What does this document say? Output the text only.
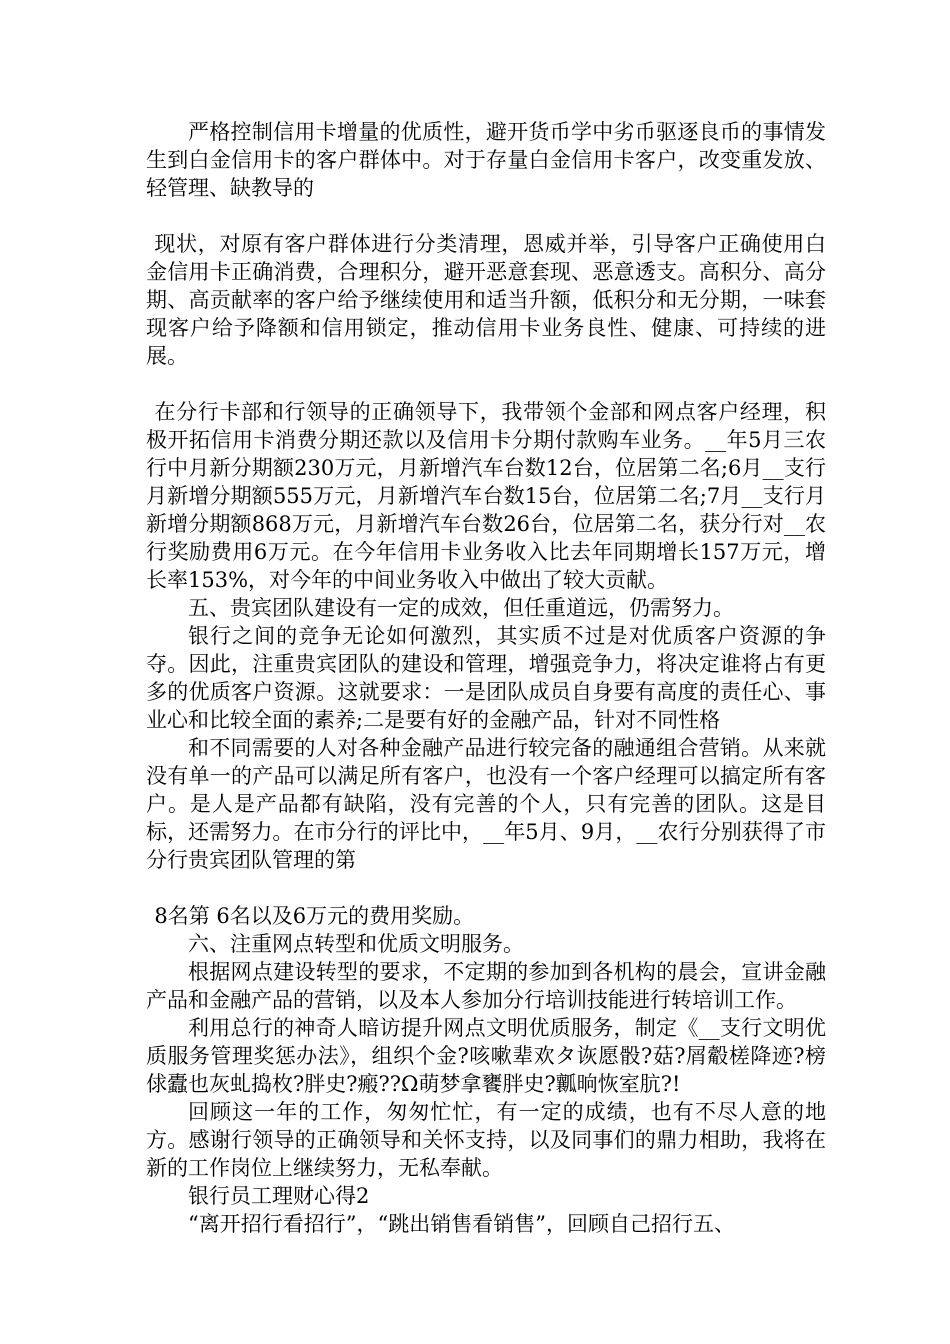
严格控制信用卡增量的优质性，避开货币学中劣币驱逐良币的事情发生到白金信用卡的客户群体中。对于存量白金信用卡客户，改变重发放、轻管理、缺教导的

现状，对原有客户群体进行分类清理，恩威并举，引导客户正确使用白金信用卡正确消费，合理积分，避开恶意套现、恶意透支。高积分、高分期、高贡献率的客户给予继续使用和适当升额，低积分和无分期，一味套现客户给予降额和信用锁定，推动信用卡业务良性、健康、可持续的进展。

在分行卡部和行领导的正确领导下，我带领个金部和网点客户经理，积极开拓信用卡消费分期还款以及信用卡分期付款购车业务。__年5月三农行中月新分期额230万元，月新增汽车台数12台，位居第二名;6月__支行月新增分期额555万元，月新增汽车台数15台，位居第二名;7月__支行月新增分期额868万元，月新增汽车台数26台，位居第二名，获分行对__农行奖励费用6万元。在今年信用卡业务收入比去年同期增长157万元，增长率153%，对今年的中间业务收入中做出了较大贡献。

五、贵宾团队建设有一定的成效，但任重道远，仍需努力。

银行之间的竞争无论如何激烈，其实质不过是对优质客户资源的争夺。因此，注重贵宾团队的建设和管理，增强竞争力，将决定谁将占有更多的优质客户资源。这就要求：一是团队成员自身要有高度的责任心、事业心和比较全面的素养;二是要有好的金融产品，针对不同性格

和不同需要的人对各种金融产品进行较完备的融通组合营销。从来就没有单一的产品可以满足所有客户，也没有一个客户经理可以搞定所有客户。是人是产品都有缺陷，没有完善的个人，只有完善的团队。这是目标，还需努力。在市分行的评比中，__年5月、9月，__农行分别获得了市分行贵宾团队管理的第

8名第 6名以及6万元的费用奖励。

六、注重网点转型和优质文明服务。

根据网点建设转型的要求，不定期的参加到各机构的晨会，宣讲金融产品和金融产品的营销，以及本人参加分行培训技能进行转培训工作。

利用总行的神奇人暗访提升网点文明优质服务，制定《__支行文明优质服务管理奖惩办法》，组织个金?咳嗽辈欢タ诙愿骰?菇?屑觳槎降迹?榜俅蠹也灰虬捣枚?胖史?瘢??Ω萌梦拿饔胖史?瓤晌恢室肮?!

回顾这一年的工作，匆匆忙忙，有一定的成绩，也有不尽人意的地方。感谢行领导的正确领导和关怀支持，以及同事们的鼎力相助，我将在新的工作岗位上继续努力，无私奉献。

银行员工理财心得2

“离开招行看招行”，“跳出销售看销售”，回顾自己招行五、
